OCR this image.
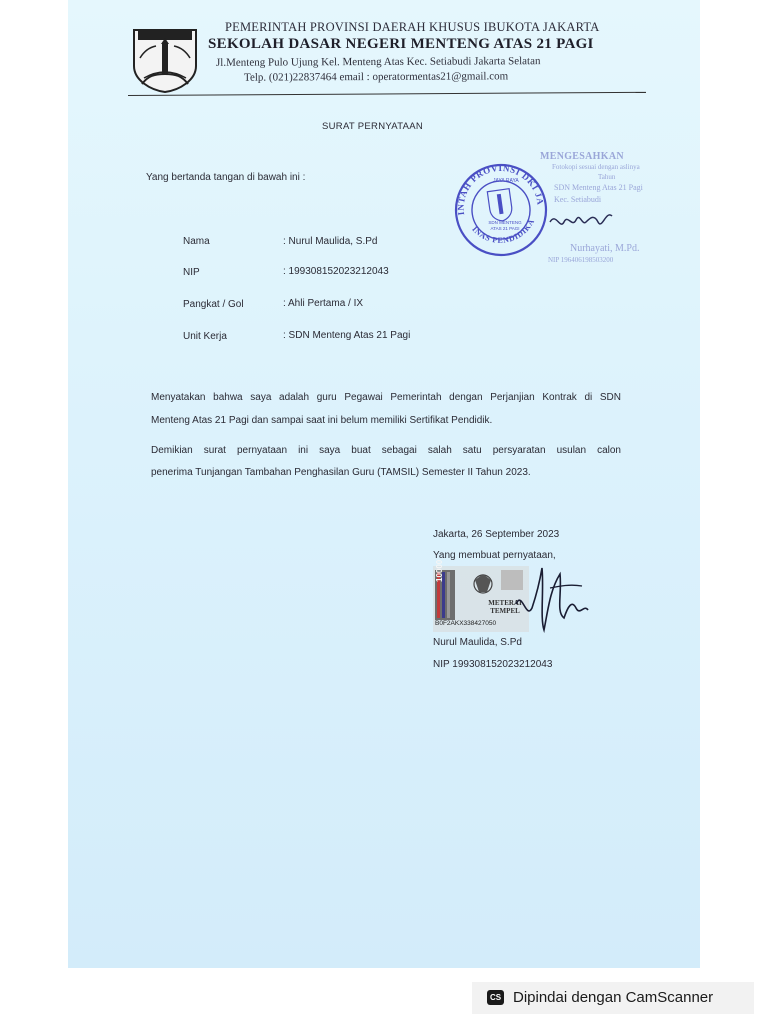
PEMERINTAH PROVINSI DAERAH KHUSUS IBUKOTA JAKARTA
SEKOLAH DASAR NEGERI MENTENG ATAS 21 PAGI
Jl.Menteng Pulo Ujung Kel. Menteng Atas Kec. Setiabudi Jakarta Selatan
Telp. (021)22837464 email : operatormentas21@gmail.com
SURAT PERNYATAAN
Yang bertanda tangan di bawah ini :
Nama	: Nurul Maulida, S.Pd
NIP	: 199308152023212043
Pangkat / Gol	: Ahli Pertama / IX
Unit Kerja	: SDN Menteng Atas 21 Pagi
Menyatakan bahwa saya adalah guru Pegawai Pemerintah dengan Perjanjian Kontrak di SDN
Menteng Atas 21 Pagi dan sampai saat ini belum memiliki Sertifikat Pendidik.
Demikian surat pernyataan ini saya buat sebagai salah satu persyaratan usulan calon
penerima Tunjangan Tambahan Penghasilan Guru (TAMSIL) Semester II Tahun 2023.
Jakarta, 26 September 2023
Yang membuat pernyataan,
10000
METERAI TEMPEL
B0F2AKX338427050
Nurul Maulida, S.Pd
NIP 199308152023212043
PEMERINTAH PROVINSI DKI JAKARTA
DINAS PENDIDIKAN
JAYA RAYA
SDN MENTENG ATAS 21 PAGI
MENGESAHKAN
Fotokopi sesuai dengan aslinya
Tahun
SDN Menteng Atas 21 Pagi
Kec. Setiabudi
Nurhayati, M.Pd.
NIP 196406198503200
CS Dipindai dengan CamScanner
